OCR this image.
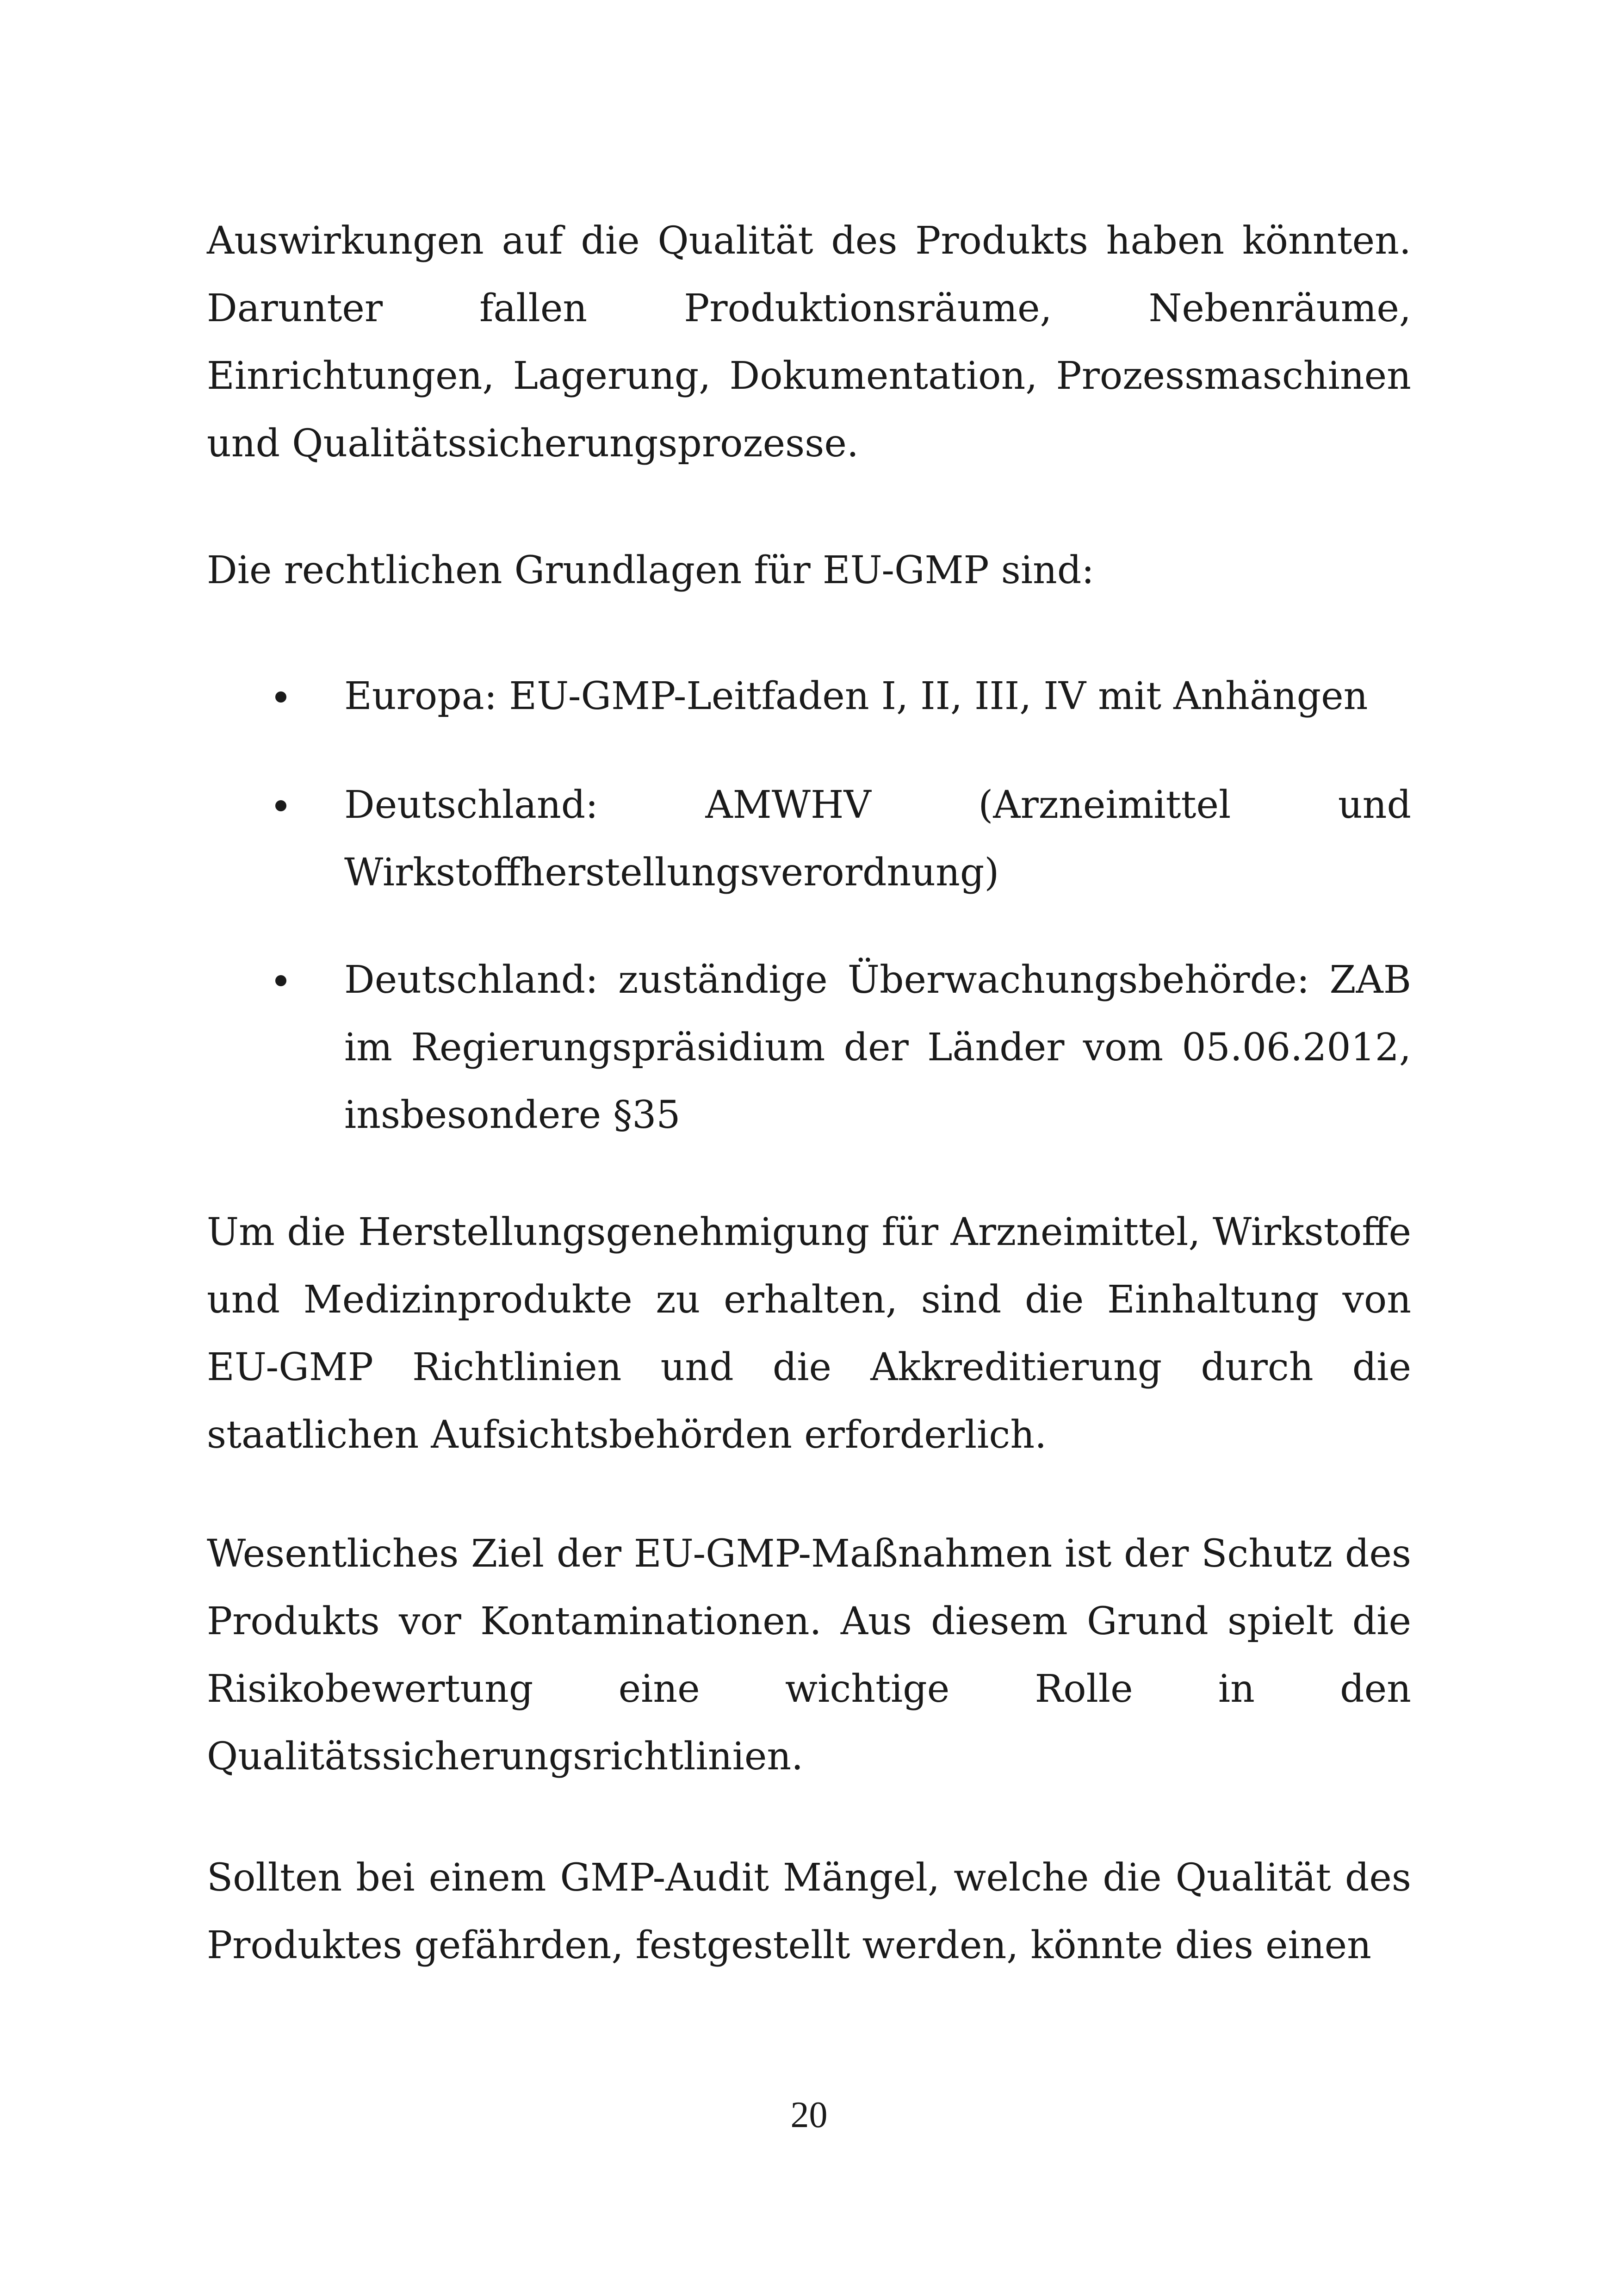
Auswirkungen auf die Qualität des Produkts haben könnten. Darunter fallen Produktionsräume, Nebenräume, Einrichtungen, Lagerung, Dokumentation, Prozessmaschinen und Qualitätssicherungsprozesse.

Die rechtlichen Grundlagen für EU-GMP sind:

Europa: EU-GMP-Leitfaden I, II, III, IV mit Anhängen

Deutschland: AMWHV (Arzneimittel und Wirkstoffherstellungsverordnung)

Deutschland: zuständige Überwachungsbehörde: ZAB im Regierungspräsidium der Länder vom 05.06.2012, insbesondere §35

Um die Herstellungsgenehmigung für Arzneimittel, Wirkstoffe und Medizinprodukte zu erhalten, sind die Einhaltung von EU-GMP Richtlinien und die Akkreditierung durch die staatlichen Aufsichtsbehörden erforderlich.

Wesentliches Ziel der EU-GMP-Maßnahmen ist der Schutz des Produkts vor Kontaminationen. Aus diesem Grund spielt die Risikobewertung eine wichtige Rolle in den Qualitätssicherungsrichtlinien.

Sollten bei einem GMP-Audit Mängel, welche die Qualität des Produktes gefährden, festgestellt werden, könnte dies einen

20
